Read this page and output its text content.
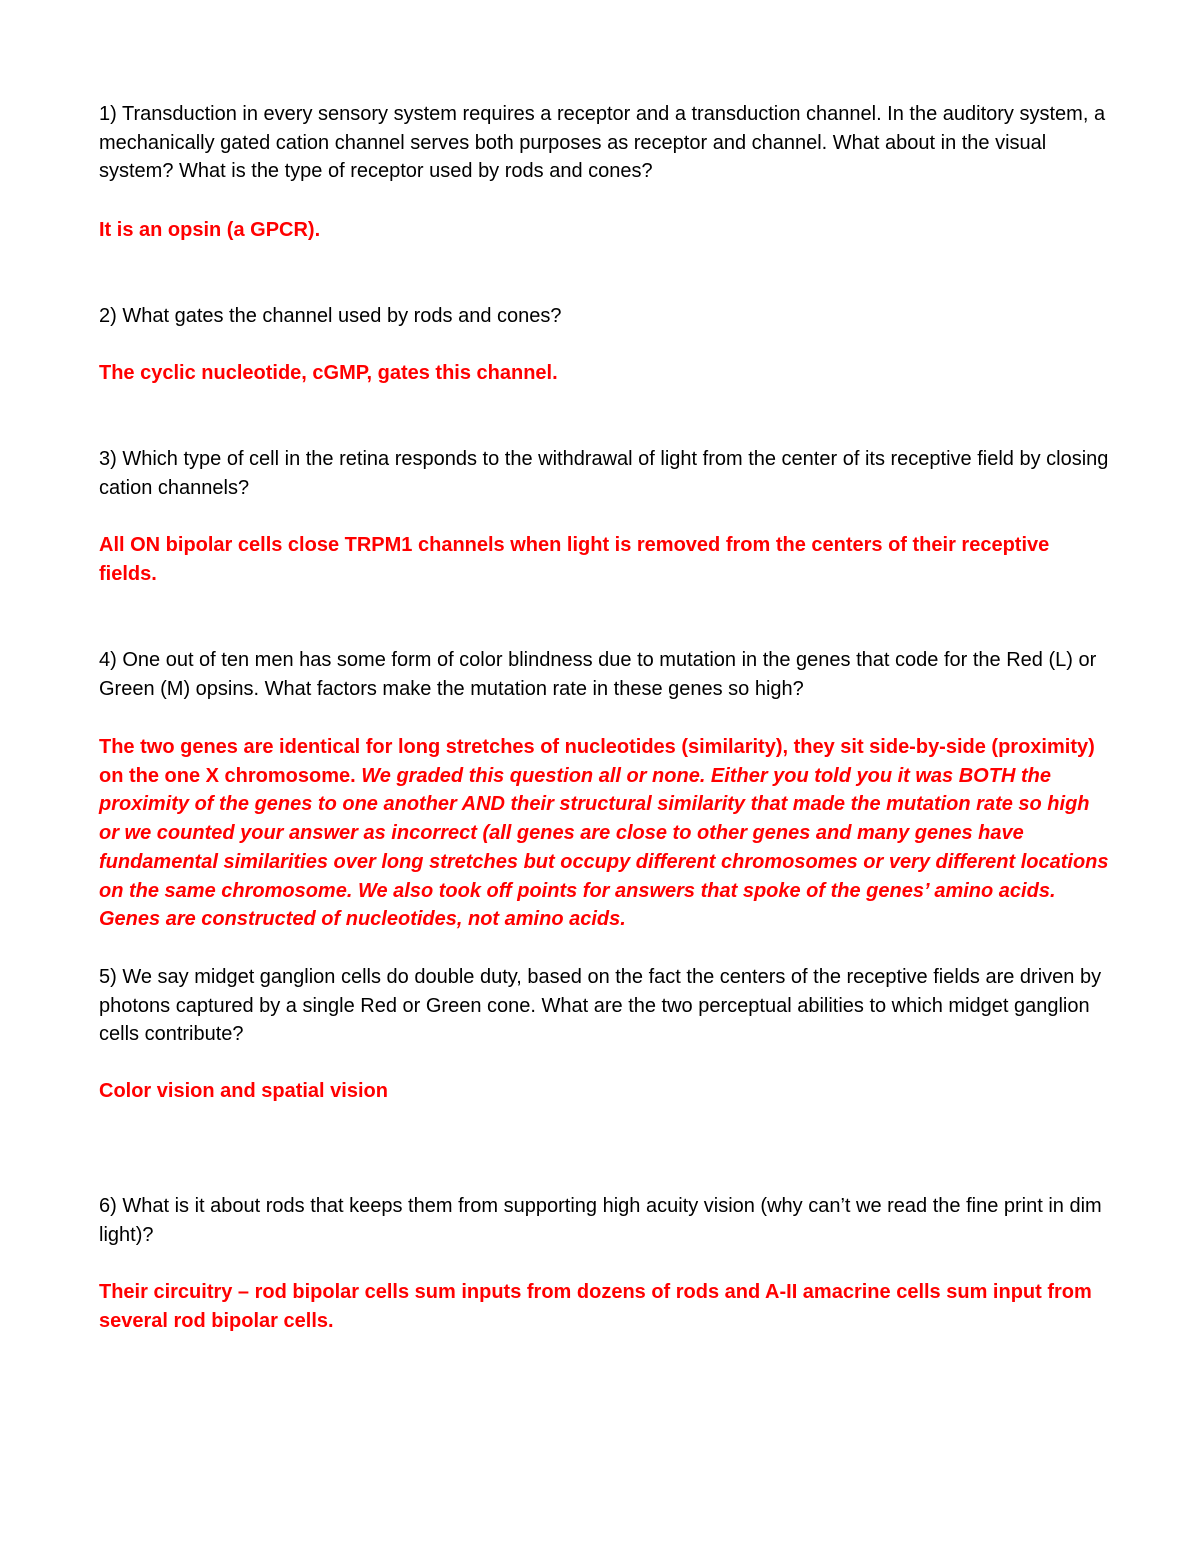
1) Transduction in every sensory system requires a receptor and a transduction channel. In the auditory system, a mechanically gated cation channel serves both purposes as receptor and channel. What about in the visual system? What is the type of receptor used by rods and cones?

It is an opsin (a GPCR).

2) What gates the channel used by rods and cones?

The cyclic nucleotide, cGMP, gates this channel.

3) Which type of cell in the retina responds to the withdrawal of light from the center of its receptive field by closing cation channels?

All ON bipolar cells close TRPM1 channels when light is removed from the centers of their receptive fields.

4) One out of ten men has some form of color blindness due to mutation in the genes that code for the Red (L) or Green (M) opsins. What factors make the mutation rate in these genes so high?

The two genes are identical for long stretches of nucleotides (similarity), they sit side-by-side (proximity) on the one X chromosome. We graded this question all or none. Either you told you it was BOTH the proximity of the genes to one another AND their structural similarity that made the mutation rate so high or we counted your answer as incorrect (all genes are close to other genes and many genes have fundamental similarities over long stretches but occupy different chromosomes or very different locations on the same chromosome. We also took off points for answers that spoke of the genes’ amino acids. Genes are constructed of nucleotides, not amino acids.

5) We say midget ganglion cells do double duty, based on the fact the centers of the receptive fields are driven by photons captured by a single Red or Green cone. What are the two perceptual abilities to which midget ganglion cells contribute?

Color vision and spatial vision

6) What is it about rods that keeps them from supporting high acuity vision (why can’t we read the fine print in dim light)?

Their circuitry – rod bipolar cells sum inputs from dozens of rods and A-II amacrine cells sum input from several rod bipolar cells.
